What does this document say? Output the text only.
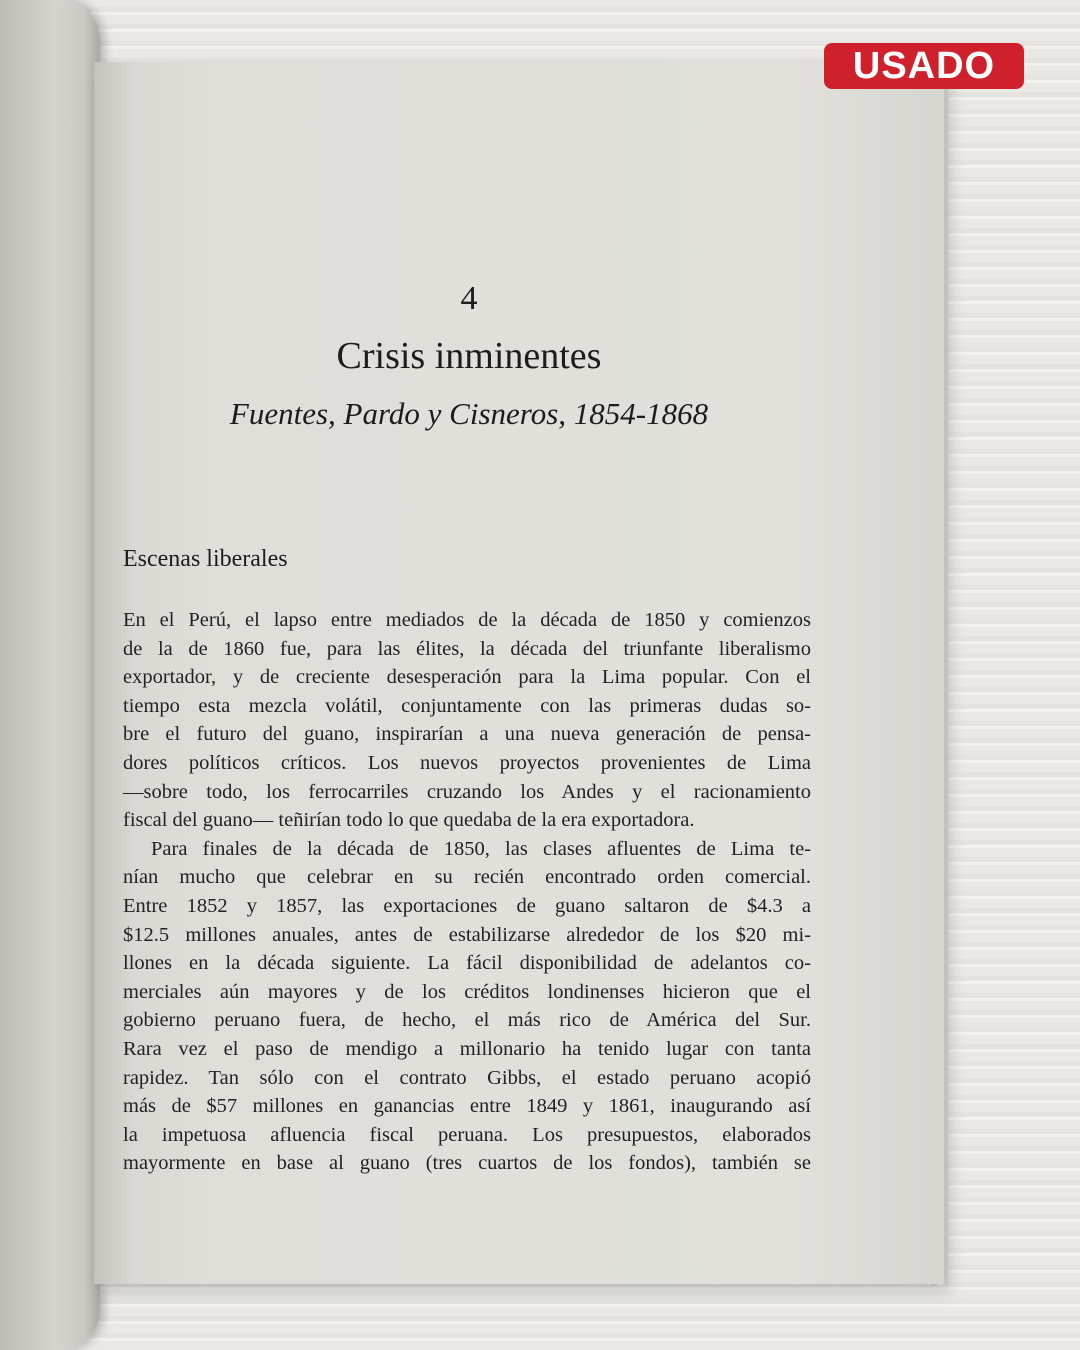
USADO
4
Crisis inminentes
Fuentes, Pardo y Cisneros, 1854-1868
Escenas liberales
En el Perú, el lapso entre mediados de la década de 1850 y comienzos
de la de 1860 fue, para las élites, la década del triunfante liberalismo
exportador, y de creciente desesperación para la Lima popular. Con el
tiempo esta mezcla volátil, conjuntamente con las primeras dudas so-
bre el futuro del guano, inspirarían a una nueva generación de pensa-
dores políticos críticos. Los nuevos proyectos provenientes de Lima
—sobre todo, los ferrocarriles cruzando los Andes y el racionamiento
fiscal del guano— teñirían todo lo que quedaba de la era exportadora.
Para finales de la década de 1850, las clases afluentes de Lima te-
nían mucho que celebrar en su recién encontrado orden comercial.
Entre 1852 y 1857, las exportaciones de guano saltaron de $4.3 a
$12.5 millones anuales, antes de estabilizarse alrededor de los $20 mi-
llones en la década siguiente. La fácil disponibilidad de adelantos co-
merciales aún mayores y de los créditos londinenses hicieron que el
gobierno peruano fuera, de hecho, el más rico de América del Sur.
Rara vez el paso de mendigo a millonario ha tenido lugar con tanta
rapidez. Tan sólo con el contrato Gibbs, el estado peruano acopió
más de $57 millones en ganancias entre 1849 y 1861, inaugurando así
la impetuosa afluencia fiscal peruana. Los presupuestos, elaborados
mayormente en base al guano (tres cuartos de los fondos), también se
